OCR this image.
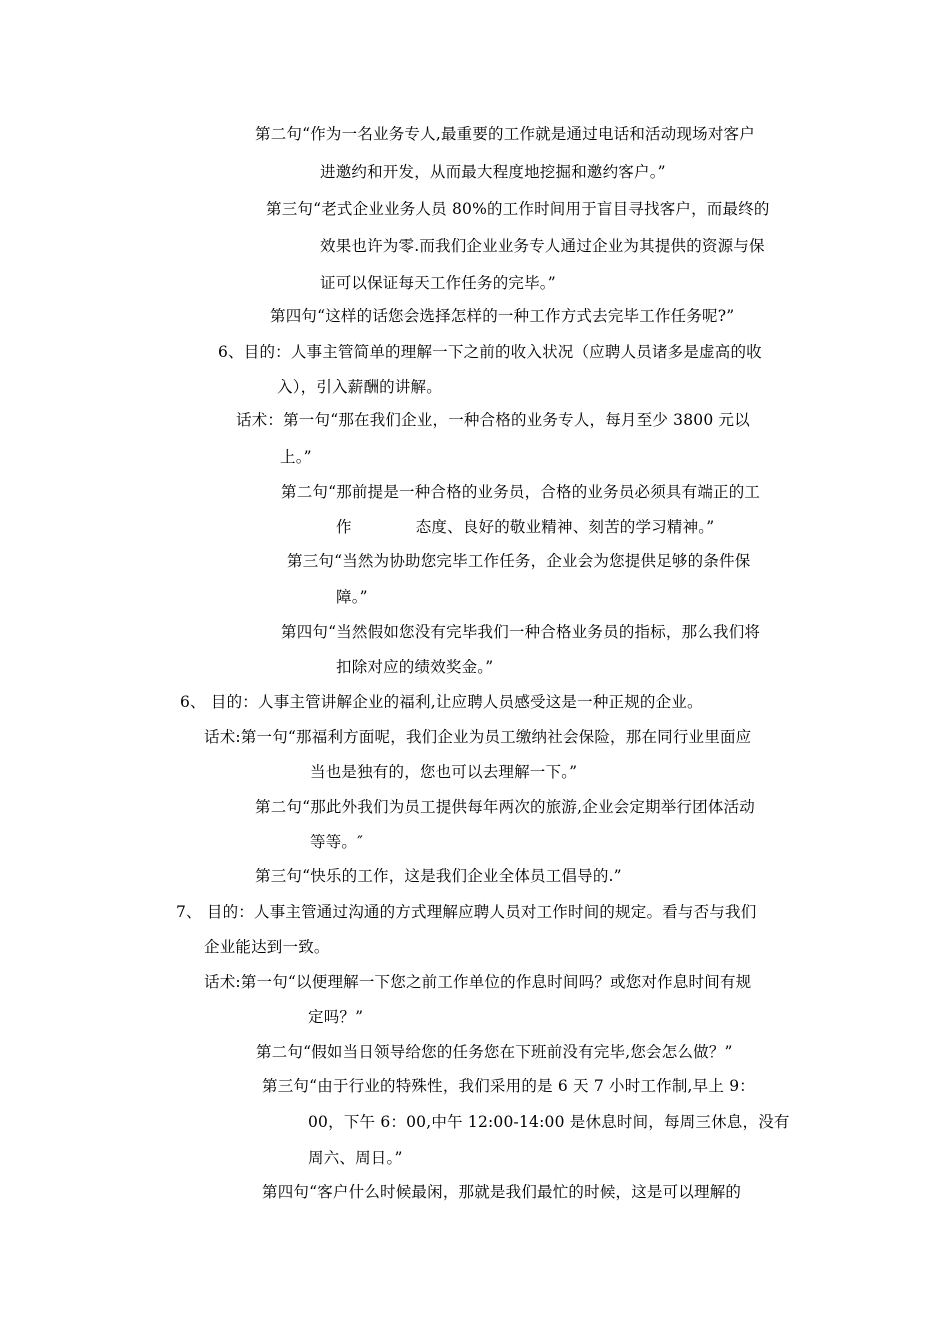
第二句“作为一名业务专人,最重要的工作就是通过电话和活动现场对客户

进邀约和开发，从而最大程度地挖掘和邀约客户。”

第三句“老式企业业务人员 80%的工作时间用于盲目寻找客户，而最终的

效果也许为零.而我们企业业务专人通过企业为其提供的资源与保

证可以保证每天工作任务的完毕。”

第四句“这样的话您会选择怎样的一种工作方式去完毕工作任务呢?”

6、目的：人事主管简单的理解一下之前的收入状况（应聘人员诸多是虚高的收

入），引入薪酬的讲解。

话术：第一句“那在我们企业，一种合格的业务专人，每月至少 3800 元以

上。”

第二句“那前提是一种合格的业务员，合格的业务员必须具有端正的工

作	态度、良好的敬业精神、刻苦的学习精神。”

第三句“当然为协助您完毕工作任务，企业会为您提供足够的条件保

障。”

第四句“当然假如您没有完毕我们一种合格业务员的指标，那么我们将

扣除对应的绩效奖金。”

6、 目的：人事主管讲解企业的福利,让应聘人员感受这是一种正规的企业。

话术:第一句“那福利方面呢，我们企业为员工缴纳社会保险，那在同行业里面应

当也是独有的，您也可以去理解一下。”

第二句“那此外我们为员工提供每年两次的旅游,企业会定期举行团体活动

等等。″

第三句“快乐的工作，这是我们企业全体员工倡导的.”

7、 目的：人事主管通过沟通的方式理解应聘人员对工作时间的规定。看与否与我们

企业能达到一致。

话术:第一句“以便理解一下您之前工作单位的作息时间吗？或您对作息时间有规

定吗？”

第二句“假如当日领导给您的任务您在下班前没有完毕,您会怎么做？”

第三句“由于行业的特殊性，我们采用的是 6 天 7 小时工作制,早上 9：

00，下午 6：00,中午 12:00-14:00 是休息时间，每周三休息，没有

周六、周日。”

第四句“客户什么时候最闲，那就是我们最忙的时候，这是可以理解的
